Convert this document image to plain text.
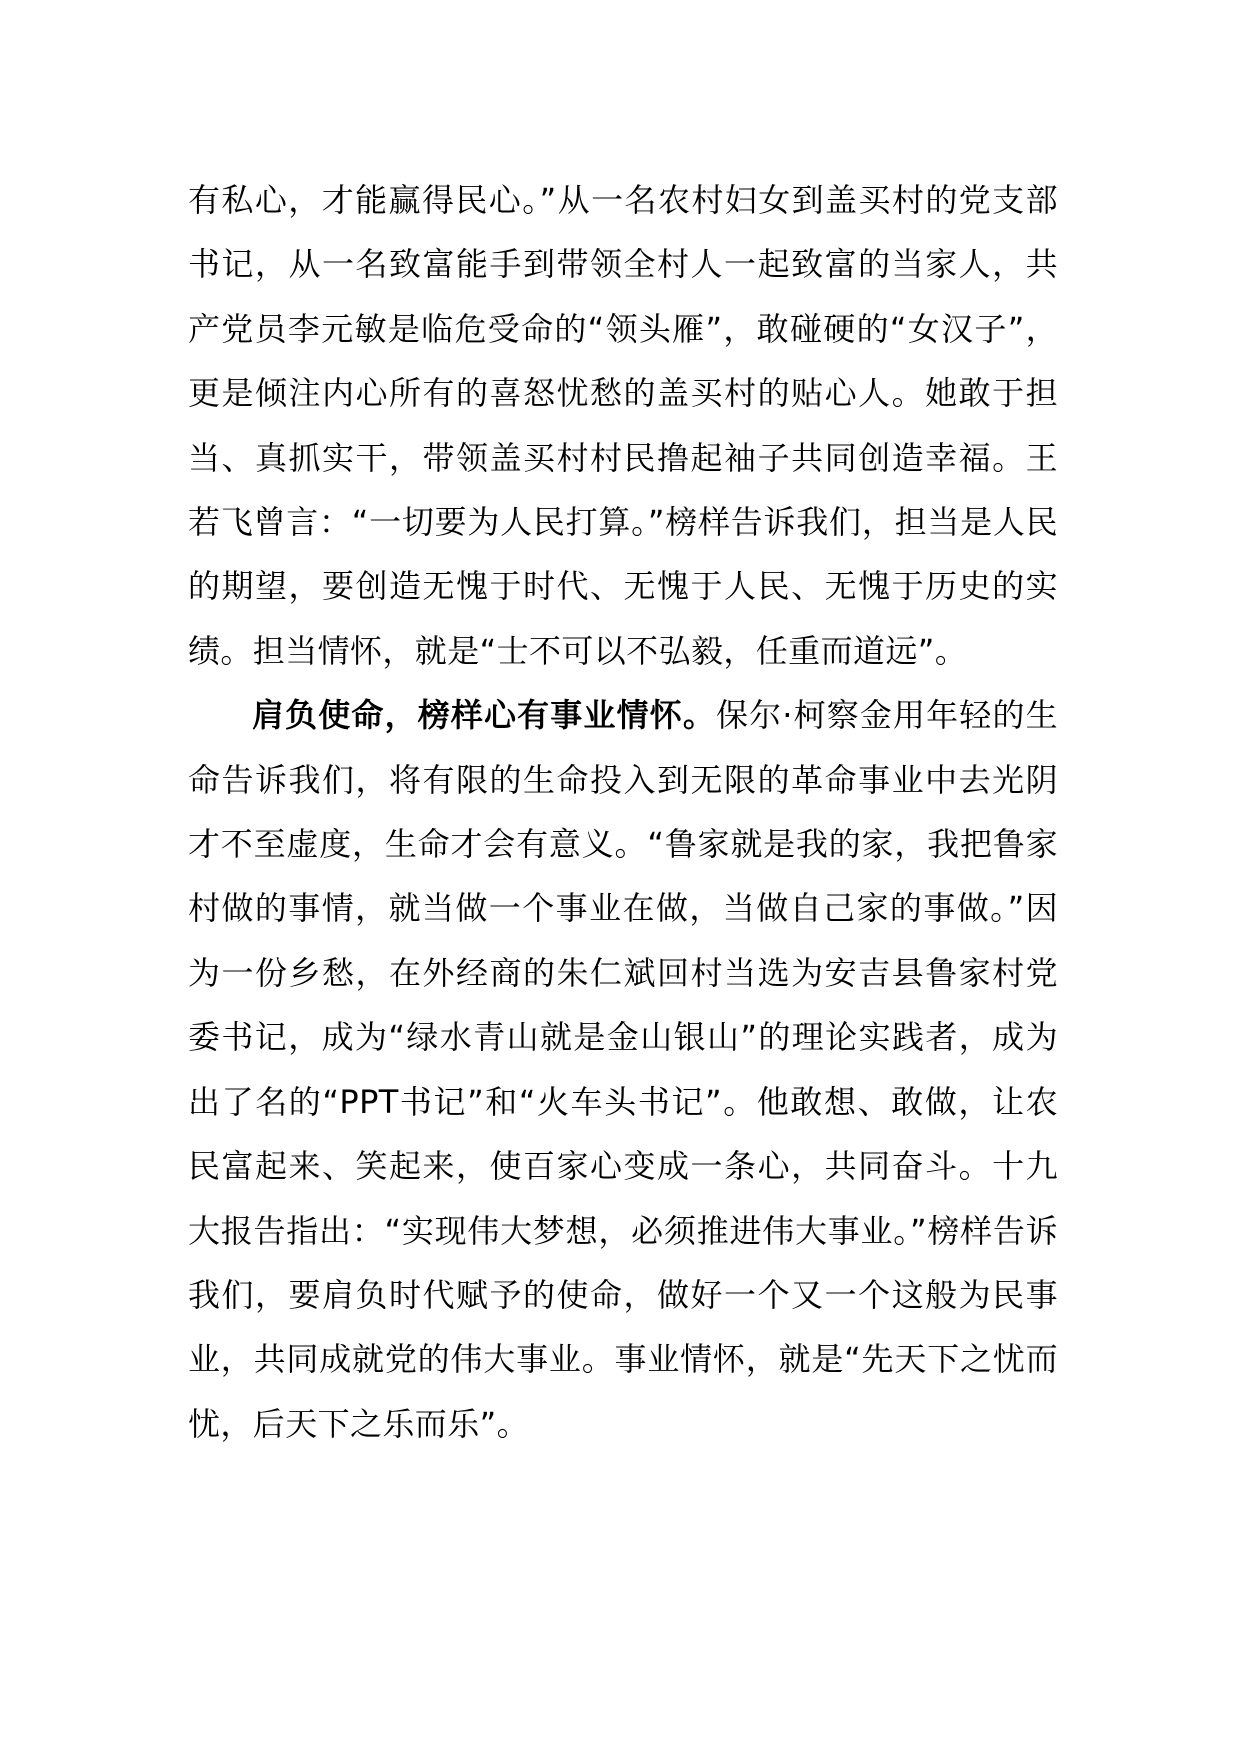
有私心，才能赢得民心。”从一名农村妇女到盖买村的党支部书记，从一名致富能手到带领全村人一起致富的当家人，共产党员李元敏是临危受命的“领头雁”，敢碰硬的“女汉子”，更是倾注内心所有的喜怒忧愁的盖买村的贴心人。她敢于担当、真抓实干，带领盖买村村民撸起袖子共同创造幸福。王若飞曾言：“一切要为人民打算。”榜样告诉我们，担当是人民的期望，要创造无愧于时代、无愧于人民、无愧于历史的实绩。担当情怀，就是“士不可以不弘毅，任重而道远”。

肩负使命，榜样心有事业情怀。保尔·柯察金用年轻的生命告诉我们，将有限的生命投入到无限的革命事业中去光阴才不至虚度，生命才会有意义。“鲁家就是我的家，我把鲁家村做的事情，就当做一个事业在做，当做自己家的事做。”因为一份乡愁，在外经商的朱仁斌回村当选为安吉县鲁家村党委书记，成为“绿水青山就是金山银山”的理论实践者，成为出了名的“PPT书记”和“火车头书记”。他敢想、敢做，让农民富起来、笑起来，使百家心变成一条心，共同奋斗。十九大报告指出：“实现伟大梦想，必须推进伟大事业。”榜样告诉我们，要肩负时代赋予的使命，做好一个又一个这般为民事业，共同成就党的伟大事业。事业情怀，就是“先天下之忧而忧，后天下之乐而乐”。
